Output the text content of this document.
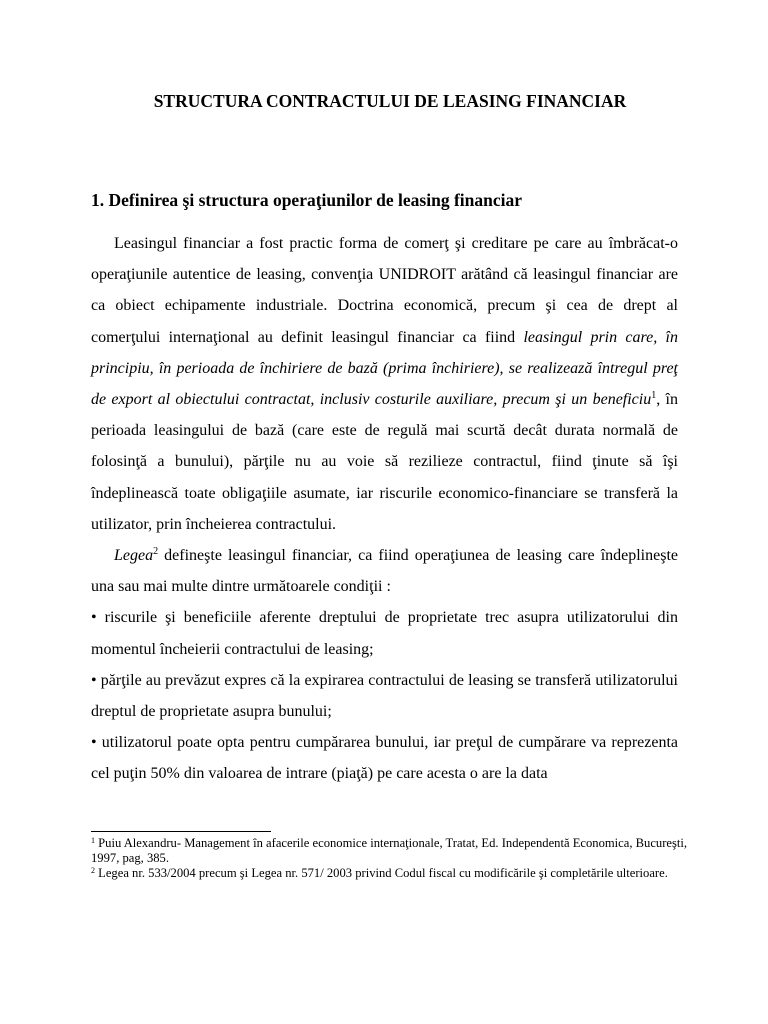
STRUCTURA CONTRACTULUI DE LEASING FINANCIAR
1. Definirea şi structura operaţiunilor de leasing financiar

Leasingul financiar a fost practic forma de comerţ şi creditare pe care au îmbrăcat-o operaţiunile autentice de leasing, convenţia UNIDROIT arătând că leasingul financiar are ca obiect echipamente industriale. Doctrina economică, precum şi cea de drept al comerţului internaţional au definit leasingul financiar ca fiind leasingul prin care, în principiu, în perioada de închiriere de bază (prima închiriere), se realizează întregul preţ de export al obiectului contractat, inclusiv costurile auxiliare, precum şi un beneficiu$^1$, în perioada leasingului de bază (care este de regulă mai scurtă decât durata normală de folosinţă a bunului), părţile nu au voie să rezilieze contractul, fiind ţinute să îşi îndeplinească toate obligaţiile asumate, iar riscurile economico-financiare se transferă la utilizator, prin încheierea contractului.

Legea$^2$ defineşte leasingul financiar, ca fiind operaţiunea de leasing care îndeplineşte una sau mai multe dintre următoarele condiţii :

• riscurile şi beneficiile aferente dreptului de proprietate trec asupra utilizatorului din momentul încheierii contractului de leasing;

• părţile au prevăzut expres că la expirarea contractului de leasing se transferă utilizatorului dreptul de proprietate asupra bunului;

• utilizatorul poate opta pentru cumpărarea bunului, iar preţul de cumpărare va reprezenta cel puţin 50% din valoarea de intrare (piaţă) pe care acesta o are la data

$^1$ Puiu Alexandru- Management în afacerile economice internaţionale, Tratat, Ed. Independentă Economica, Bucureşti, 1997, pag, 385.

$^2$ Legea nr. 533/2004 precum şi Legea nr. 571/ 2003 privind Codul fiscal cu modificările şi completările ulterioare.
